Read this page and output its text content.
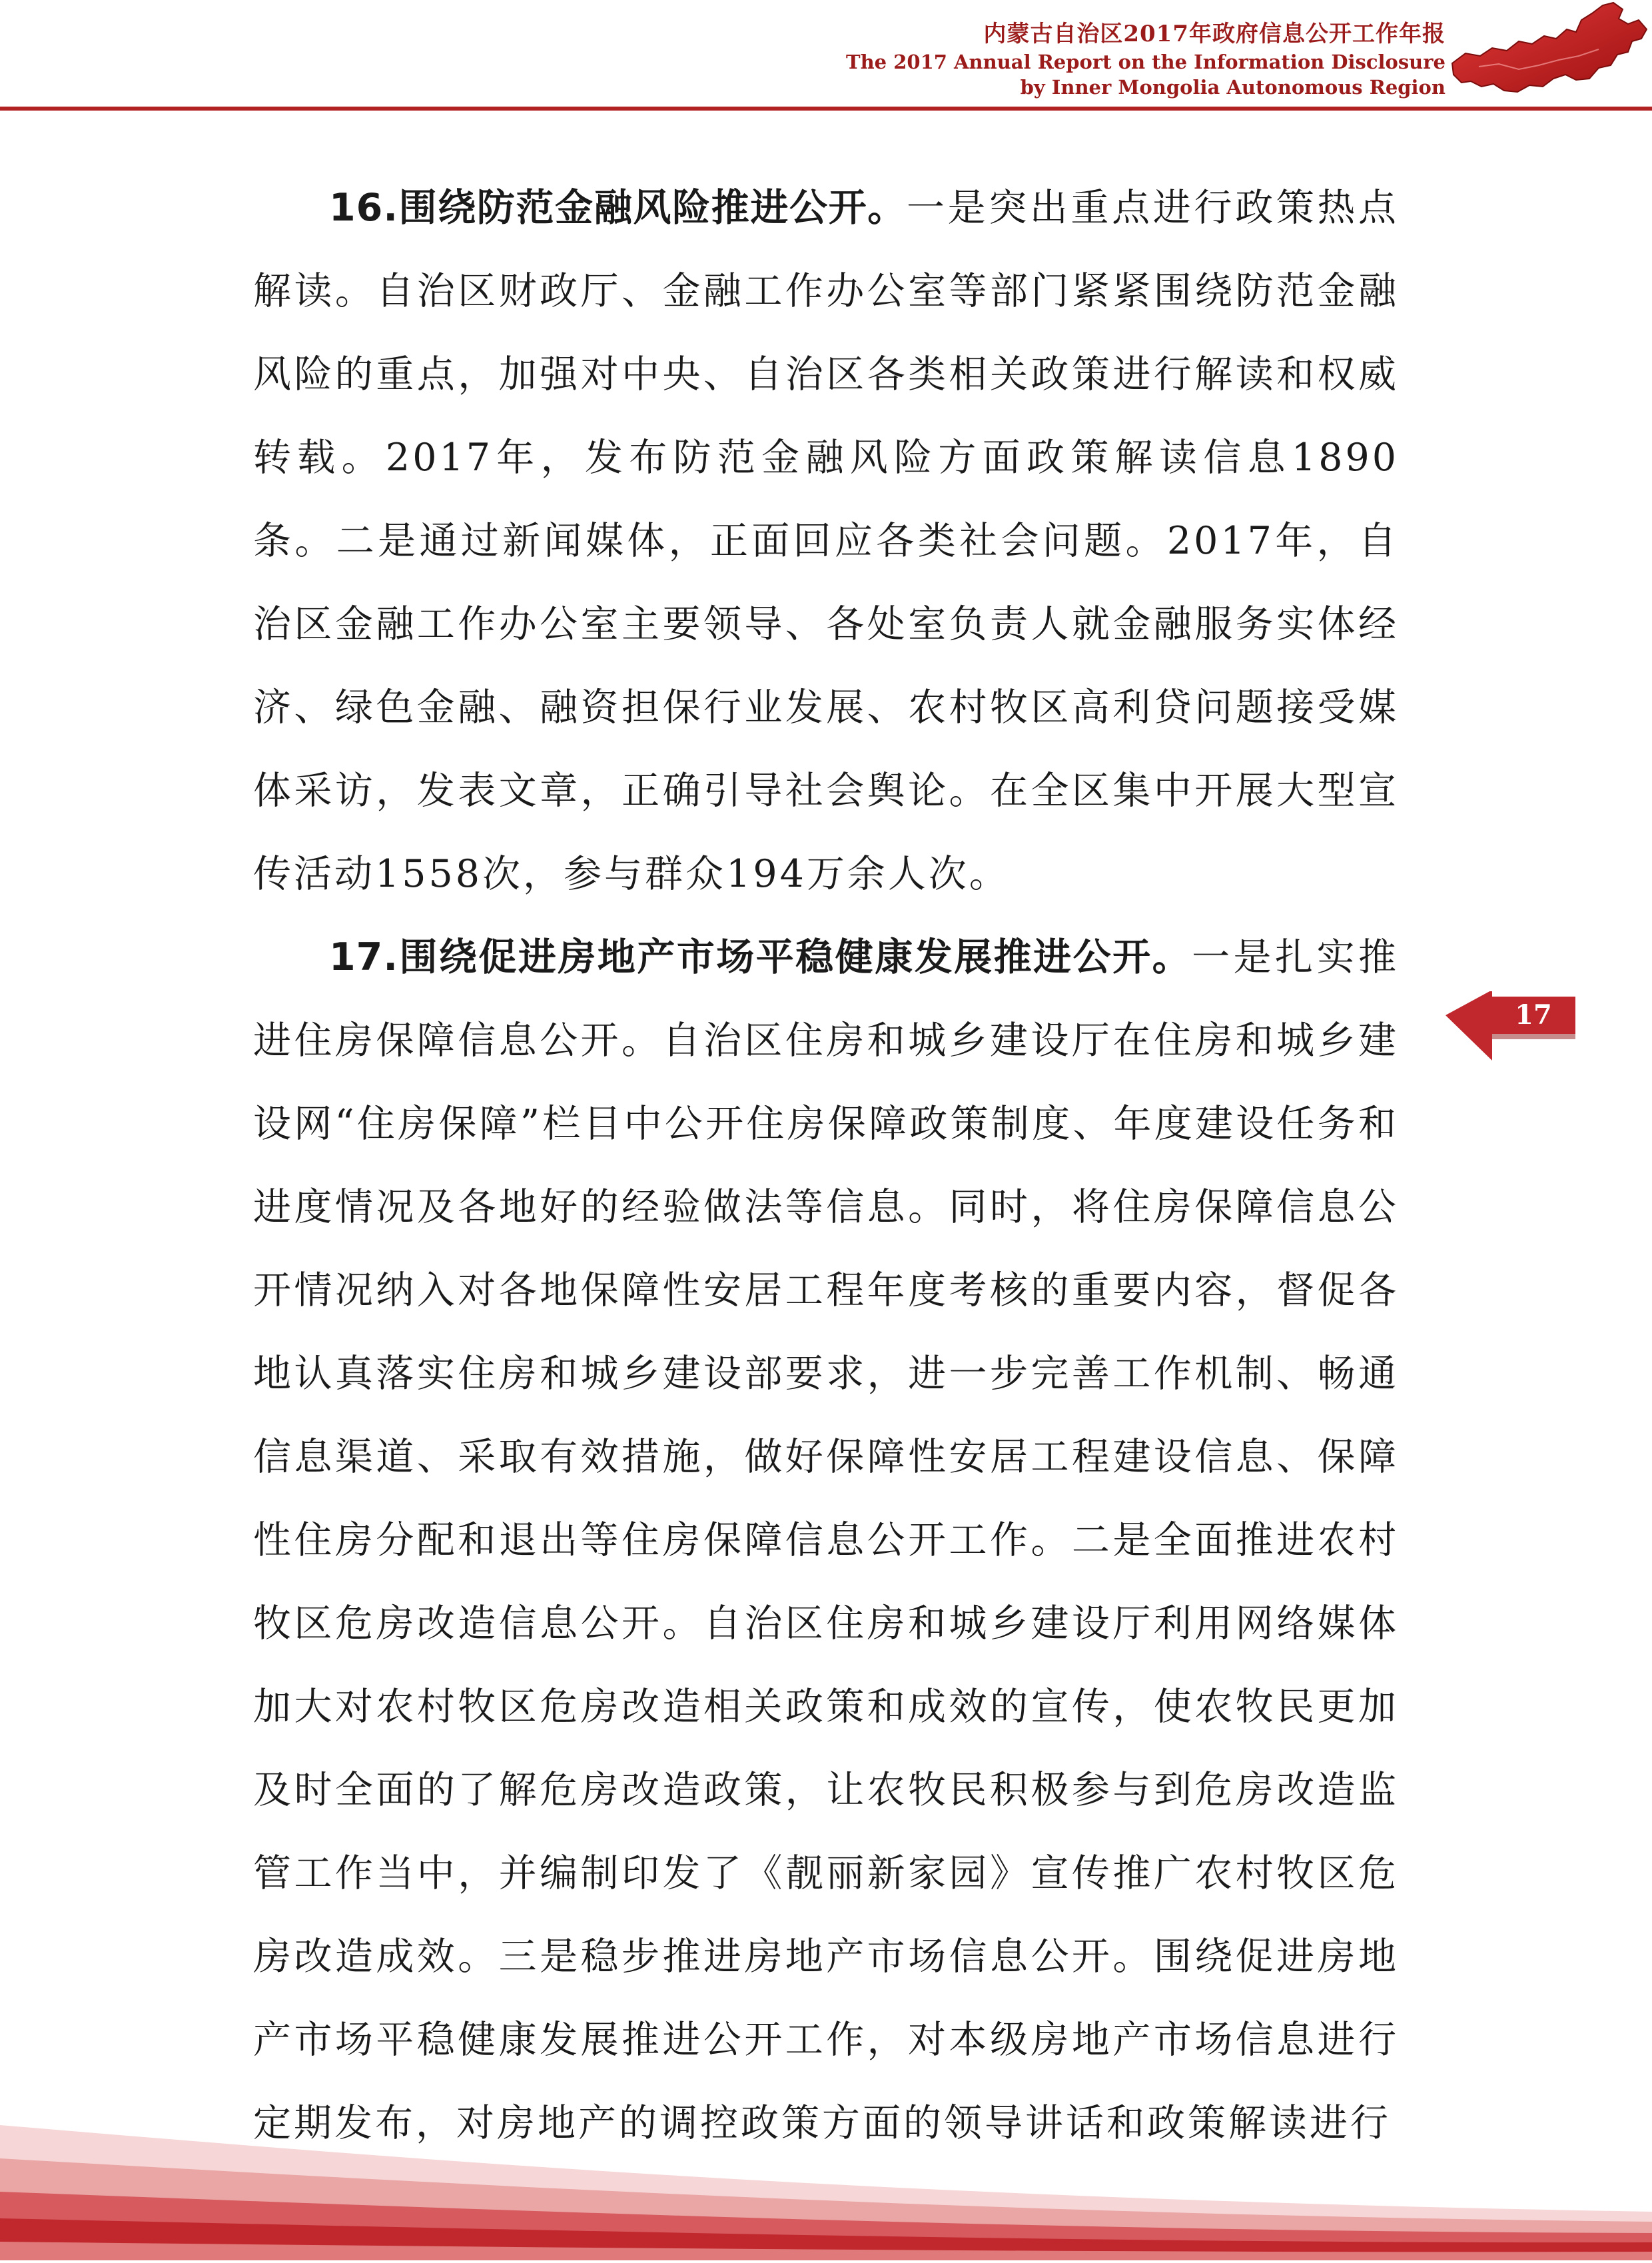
内蒙古自治区2017年政府信息公开工作年报
The 2017 Annual Report on the Information Disclosure
by Inner Mongolia Autonomous Region

16.围绕防范金融风险推进公开。一是突出重点进行政策热点解读。自治区财政厅、金融工作办公室等部门紧紧围绕防范金融风险的重点，加强对中央、自治区各类相关政策进行解读和权威转载。2017年，发布防范金融风险方面政策解读信息1890条。二是通过新闻媒体，正面回应各类社会问题。2017年，自治区金融工作办公室主要领导、各处室负责人就金融服务实体经济、绿色金融、融资担保行业发展、农村牧区高利贷问题接受媒体采访，发表文章，正确引导社会舆论。在全区集中开展大型宣传活动1558次，参与群众194万余人次。

17.围绕促进房地产市场平稳健康发展推进公开。一是扎实推进住房保障信息公开。自治区住房和城乡建设厅在住房和城乡建设网“住房保障”栏目中公开住房保障政策制度、年度建设任务和进度情况及各地好的经验做法等信息。同时，将住房保障信息公开情况纳入对各地保障性安居工程年度考核的重要内容，督促各地认真落实住房和城乡建设部要求，进一步完善工作机制、畅通信息渠道、采取有效措施，做好保障性安居工程建设信息、保障性住房分配和退出等住房保障信息公开工作。二是全面推进农村牧区危房改造信息公开。自治区住房和城乡建设厅利用网络媒体加大对农村牧区危房改造相关政策和成效的宣传，使农牧民更加及时全面的了解危房改造政策，让农牧民积极参与到危房改造监管工作当中，并编制印发了《靓丽新家园》宣传推广农村牧区危房改造成效。三是稳步推进房地产市场信息公开。围绕促进房地产市场平稳健康发展推进公开工作，对本级房地产市场信息进行定期发布，对房地产的调控政策方面的领导讲话和政策解读进行

17
